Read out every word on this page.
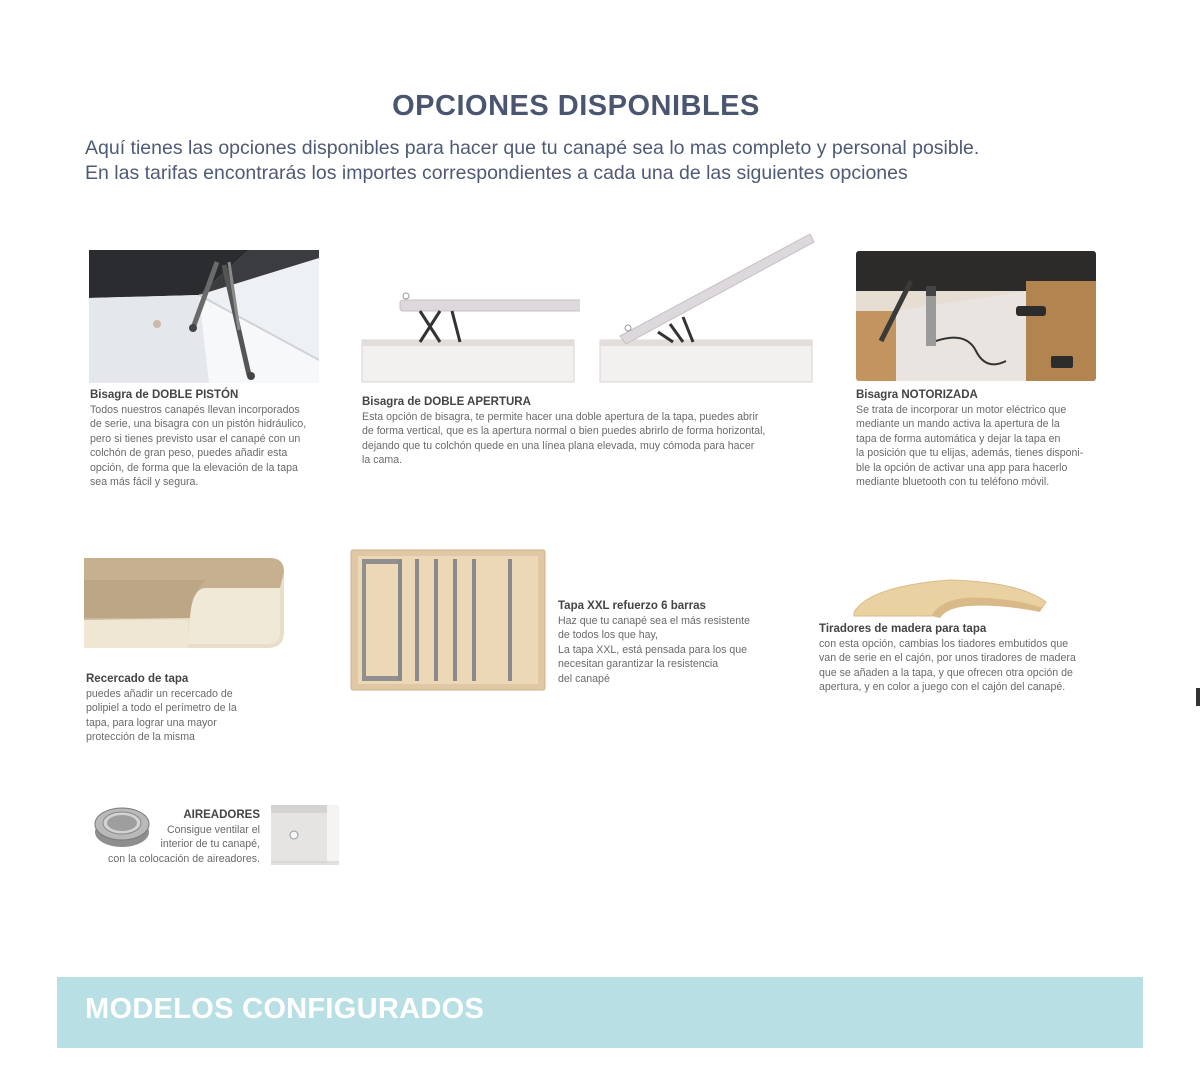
OPCIONES DISPONIBLES
Aquí tienes las opciones disponibles para hacer que tu canapé sea lo mas completo y personal posible.
En las tarifas encontrarás los importes correspondientes a cada una de las siguientes opciones
Bisagra de DOBLE PISTÓN
Todos nuestros canapés llevan incorporados
de serie, una bisagra con un pistón hidráulico,
pero si tienes previsto usar el canapé con un
colchón de gran peso, puedes añadir esta
opción, de forma que la elevación de la tapa
sea más fácil y segura.
Bisagra de DOBLE APERTURA
Esta opción de bisagra, te permite hacer una doble apertura de la tapa, puedes abrir
de forma vertical, que es la apertura normal o bien puedes abrirlo de forma horizontal,
dejando que tu colchón quede en una línea plana elevada, muy cómoda para hacer
la cama.
Bisagra NOTORIZADA
Se trata de incorporar un motor eléctrico que
mediante un mando activa la apertura de la
tapa de forma automática y dejar la tapa en
la posición que tu elijas, además, tienes disponi-
ble la opción de activar una app para hacerlo
mediante bluetooth con tu teléfono móvil.
Recercado de tapa
puedes añadir un recercado de
polipiel a todo el perímetro de la
tapa, para lograr una mayor
protección de la misma
Tapa XXL refuerzo 6 barras
Haz que tu canapé sea el más resistente
de todos los que hay,
La tapa XXL, está pensada para los que
necesitan garantizar la resistencia
del canapé
Tiradores de madera para tapa
con esta opción, cambias los tiadores embutidos que
van de serie en el cajón, por unos tiradores de madera
que se añaden a la tapa, y que ofrecen otra opción de
apertura, y en color a juego con el cajón del canapé.
AIREADORES
Consigue ventilar el
interior de tu canapé,
con la colocación de aireadores.
MODELOS CONFIGURADOS
